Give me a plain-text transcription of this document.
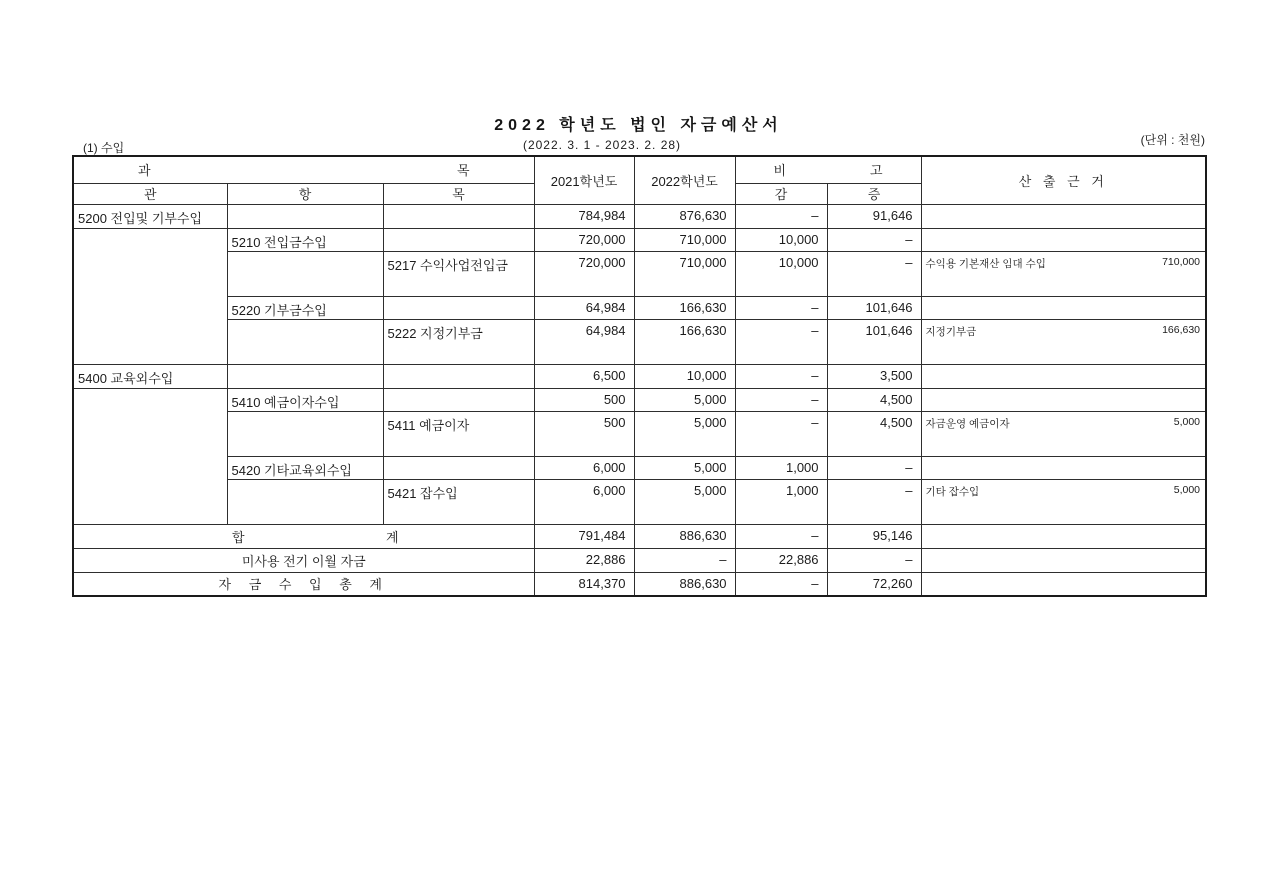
2022 학년도 법인 자금예산서
(2022. 3. 1 - 2023. 2. 28)
(1) 수입
(단위 : 천원)
과 목			2021학년도	2022학년도	비 고		산 출 근 거
관	항	목			감	증	
5200 전입및 기부수입			784,984	876,630	–	91,646	
	5210 전입금수입		720,000	710,000	10,000	–	
		5217 수익사업전입금	720,000	710,000	10,000	–	수익용 기본재산 임대 수입 710,000

	5220 기부금수입		64,984	166,630	–	101,646	
		5222 지정기부금	64,984	166,630	–	101,646	지정기부금 166,630

5400 교육외수입			6,500	10,000	–	3,500	
	5410 예금이자수입		500	5,000	–	4,500	
		5411 예금이자	500	5,000	–	4,500	자금운영 예금이자 5,000

	5420 기타교육외수입		6,000	5,000	1,000	–	
		5421 잡수입	6,000	5,000	1,000	–	기타 잡수입 5,000

합 계			791,484	886,630	–	95,146	
미사용 전기 이월 자금			22,886	–	22,886	–	
자 금 수 입 총 계			814,370	886,630	–	72,260	
